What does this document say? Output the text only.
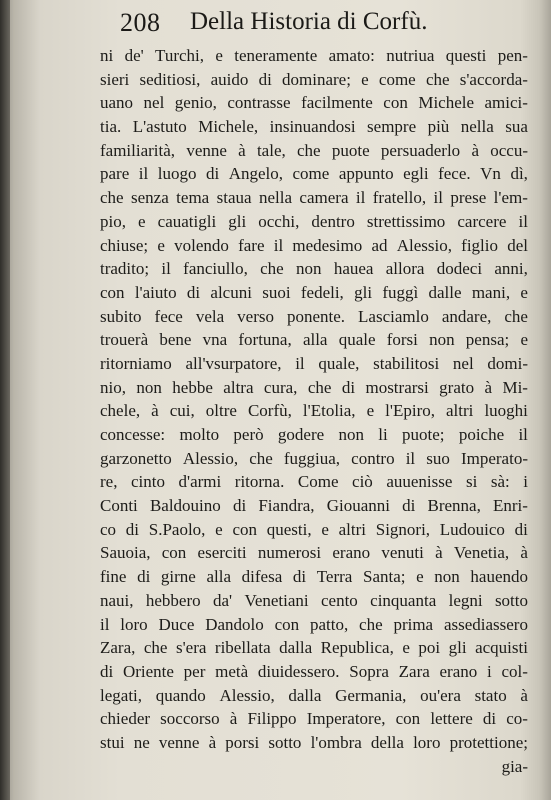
208 Della Historia di Corfù.
ni de' Turchi, e teneramente amato: nutriua questi pen-
sieri seditiosi, auido di dominare; e come che s'accorda-
uano nel genio, contrasse facilmente con Michele amici-
tia. L'astuto Michele, insinuandosi sempre più nella sua
familiarità, venne à tale, che puote persuaderlo à occu-
pare il luogo di Angelo, come appunto egli fece. Vn dì,
che senza tema staua nella camera il fratello, il prese l'em-
pio, e cauatigli gli occhi, dentro strettissimo carcere il
chiuse; e volendo fare il medesimo ad Alessio, figlio del
tradito; il fanciullo, che non hauea allora dodeci anni,
con l'aiuto di alcuni suoi fedeli, gli fuggì dalle mani, e
subito fece vela verso ponente. Lasciamlo andare, che
trouerà bene vna fortuna, alla quale forsi non pensa; e
ritorniamo all'vsurpatore, il quale, stabilitosi nel domi-
nio, non hebbe altra cura, che di mostrarsi grato à Mi-
chele, à cui, oltre Corfù, l'Etolia, e l'Epiro, altri luoghi
concesse: molto però godere non li puote; poiche il
garzonetto Alessio, che fuggiua, contro il suo Imperato-
re, cinto d'armi ritorna. Come ciò auuenisse si sà: i
Conti Baldouino di Fiandra, Giouanni di Brenna, Enri-
co di S.Paolo, e con questi, e altri Signori, Ludouico di
Sauoia, con eserciti numerosi erano venuti à Venetia, à
fine di girne alla difesa di Terra Santa; e non hauendo
naui, hebbero da' Venetiani cento cinquanta legni sotto
il loro Duce Dandolo con patto, che prima assediassero
Zara, che s'era ribellata dalla Republica, e poi gli acquisti
di Oriente per metà diuidessero. Sopra Zara erano i col-
legati, quando Alessio, dalla Germania, ou'era stato à
chieder soccorso à Filippo Imperatore, con lettere di co-
stui ne venne à porsi sotto l'ombra della loro protettione;
gia-
